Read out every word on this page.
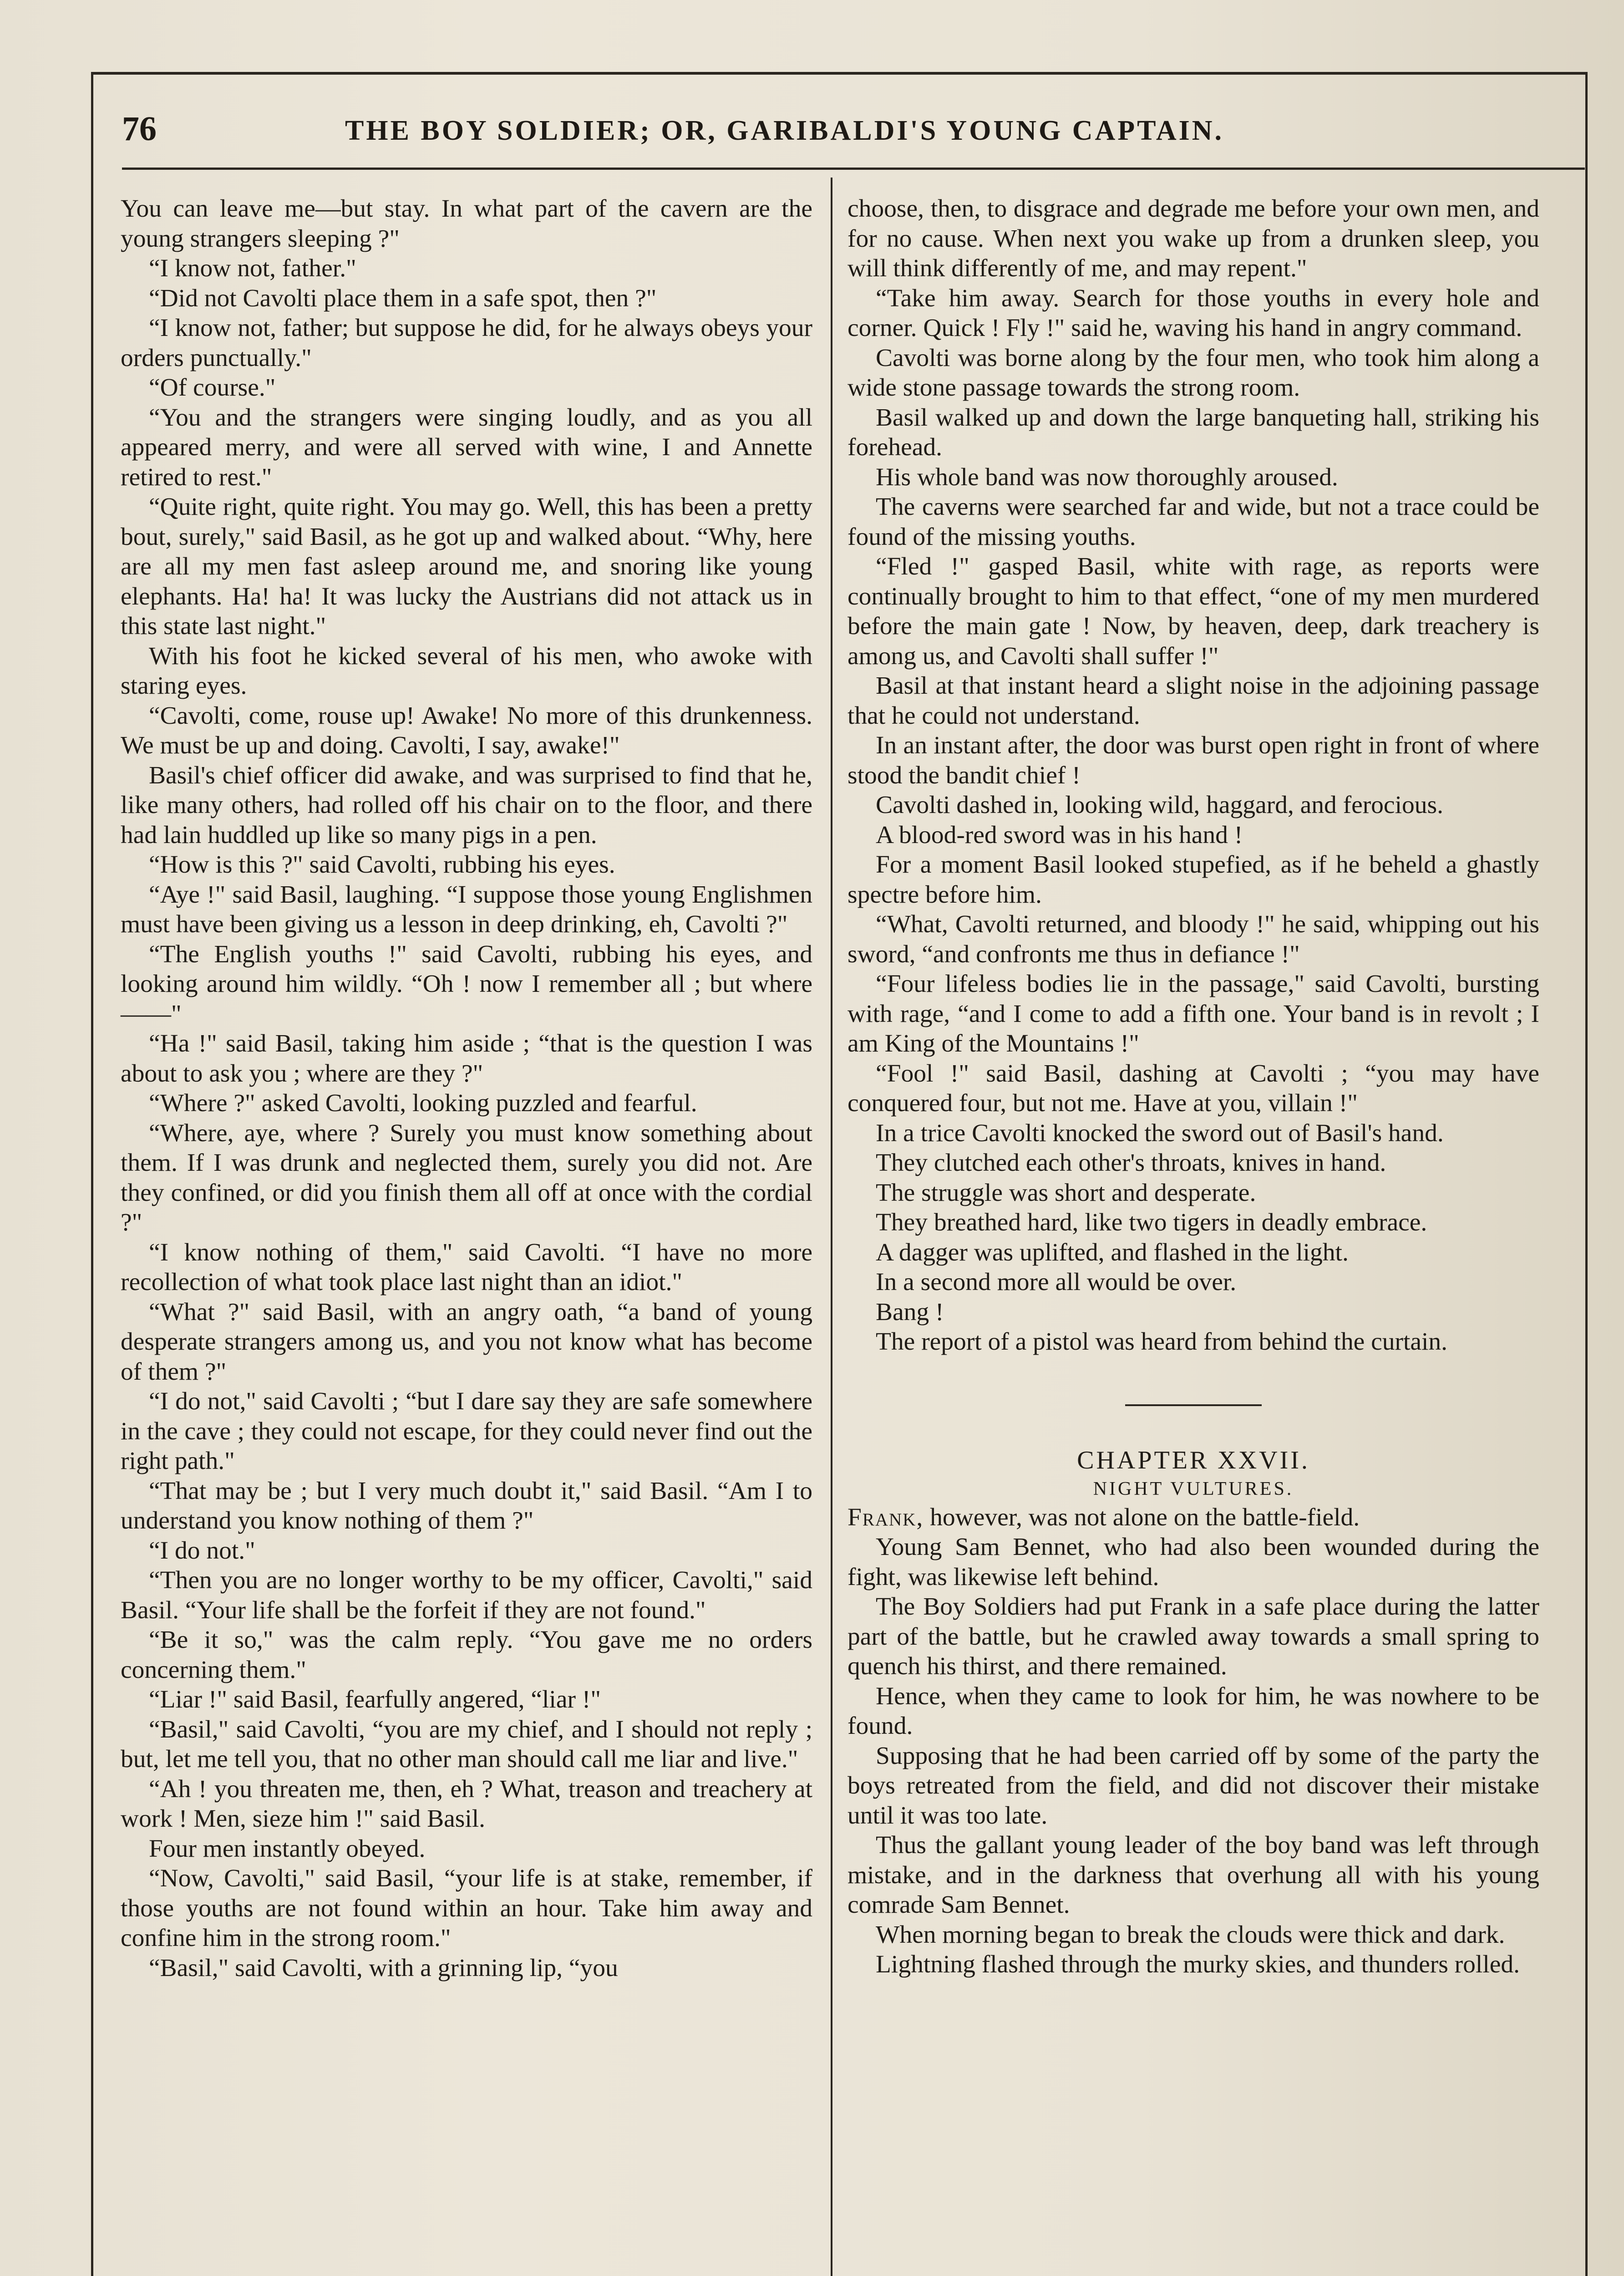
76	THE BOY SOLDIER; OR, GARIBALDI'S YOUNG CAPTAIN.

You can leave me—but stay. In what part of the cavern are the young strangers sleeping ?"

“I know not, father."

“Did not Cavolti place them in a safe spot, then ?"

“I know not, father; but suppose he did, for he always obeys your orders punctually."

“Of course."

“You and the strangers were singing loudly, and as you all appeared merry, and were all served with wine, I and Annette retired to rest."

“Quite right, quite right. You may go. Well, this has been a pretty bout, surely," said Basil, as he got up and walked about. “Why, here are all my men fast asleep around me, and snoring like young elephants. Ha! ha! It was lucky the Austrians did not attack us in this state last night."

With his foot he kicked several of his men, who awoke with staring eyes.

“Cavolti, come, rouse up! Awake! No more of this drunkenness. We must be up and doing. Cavolti, I say, awake!"

Basil's chief officer did awake, and was surprised to find that he, like many others, had rolled off his chair on to the floor, and there had lain huddled up like so many pigs in a pen.

“How is this ?" said Cavolti, rubbing his eyes.

“Aye !" said Basil, laughing. “I suppose those young Englishmen must have been giving us a lesson in deep drinking, eh, Cavolti ?"

“The English youths !" said Cavolti, rubbing his eyes, and looking around him wildly. “Oh ! now I remember all ; but where——"

“Ha !" said Basil, taking him aside ; “that is the question I was about to ask you ; where are they ?"

“Where ?" asked Cavolti, looking puzzled and fearful.

“Where, aye, where ? Surely you must know something about them. If I was drunk and neglected them, surely you did not. Are they confined, or did you finish them all off at once with the cordial ?"

“I know nothing of them," said Cavolti. “I have no more recollection of what took place last night than an idiot."

“What ?" said Basil, with an angry oath, “a band of young desperate strangers among us, and you not know what has become of them ?"

“I do not," said Cavolti ; “but I dare say they are safe somewhere in the cave ; they could not escape, for they could never find out the right path."

“That may be ; but I very much doubt it," said Basil. “Am I to understand you know nothing of them ?"

“I do not."

“Then you are no longer worthy to be my officer, Cavolti," said Basil. “Your life shall be the forfeit if they are not found."

“Be it so," was the calm reply. “You gave me no orders concerning them."

“Liar !" said Basil, fearfully angered, “liar !"

“Basil," said Cavolti, “you are my chief, and I should not reply ; but, let me tell you, that no other man should call me liar and live."

“Ah ! you threaten me, then, eh ? What, treason and treachery at work ! Men, sieze him !" said Basil.

Four men instantly obeyed.

“Now, Cavolti," said Basil, “your life is at stake, remember, if those youths are not found within an hour. Take him away and confine him in the strong room."

“Basil," said Cavolti, with a grinning lip, “you

choose, then, to disgrace and degrade me before your own men, and for no cause. When next you wake up from a drunken sleep, you will think differently of me, and may repent."

“Take him away. Search for those youths in every hole and corner. Quick ! Fly !" said he, waving his hand in angry command.

Cavolti was borne along by the four men, who took him along a wide stone passage towards the strong room.

Basil walked up and down the large banqueting hall, striking his forehead.

His whole band was now thoroughly aroused.

The caverns were searched far and wide, but not a trace could be found of the missing youths.

“Fled !" gasped Basil, white with rage, as reports were continually brought to him to that effect, “one of my men murdered before the main gate ! Now, by heaven, deep, dark treachery is among us, and Cavolti shall suffer !"

Basil at that instant heard a slight noise in the adjoining passage that he could not understand.

In an instant after, the door was burst open right in front of where stood the bandit chief !

Cavolti dashed in, looking wild, haggard, and ferocious.

A blood-red sword was in his hand !

For a moment Basil looked stupefied, as if he beheld a ghastly spectre before him.

“What, Cavolti returned, and bloody !" he said, whipping out his sword, “and confronts me thus in defiance !"

“Four lifeless bodies lie in the passage," said Cavolti, bursting with rage, “and I come to add a fifth one. Your band is in revolt ; I am King of the Mountains !"

“Fool !" said Basil, dashing at Cavolti ; “you may have conquered four, but not me. Have at you, villain !"

In a trice Cavolti knocked the sword out of Basil's hand.

They clutched each other's throats, knives in hand.

The struggle was short and desperate.

They breathed hard, like two tigers in deadly embrace.

A dagger was uplifted, and flashed in the light.

In a second more all would be over.

Bang !

The report of a pistol was heard from behind the curtain.

CHAPTER XXVII.

NIGHT VULTURES.

Frank, however, was not alone on the battle-field.

Young Sam Bennet, who had also been wounded during the fight, was likewise left behind.

The Boy Soldiers had put Frank in a safe place during the latter part of the battle, but he crawled away towards a small spring to quench his thirst, and there remained.

Hence, when they came to look for him, he was nowhere to be found.

Supposing that he had been carried off by some of the party the boys retreated from the field, and did not discover their mistake until it was too late.

Thus the gallant young leader of the boy band was left through mistake, and in the darkness that overhung all with his young comrade Sam Bennet.

When morning began to break the clouds were thick and dark.

Lightning flashed through the murky skies, and thunders rolled.
